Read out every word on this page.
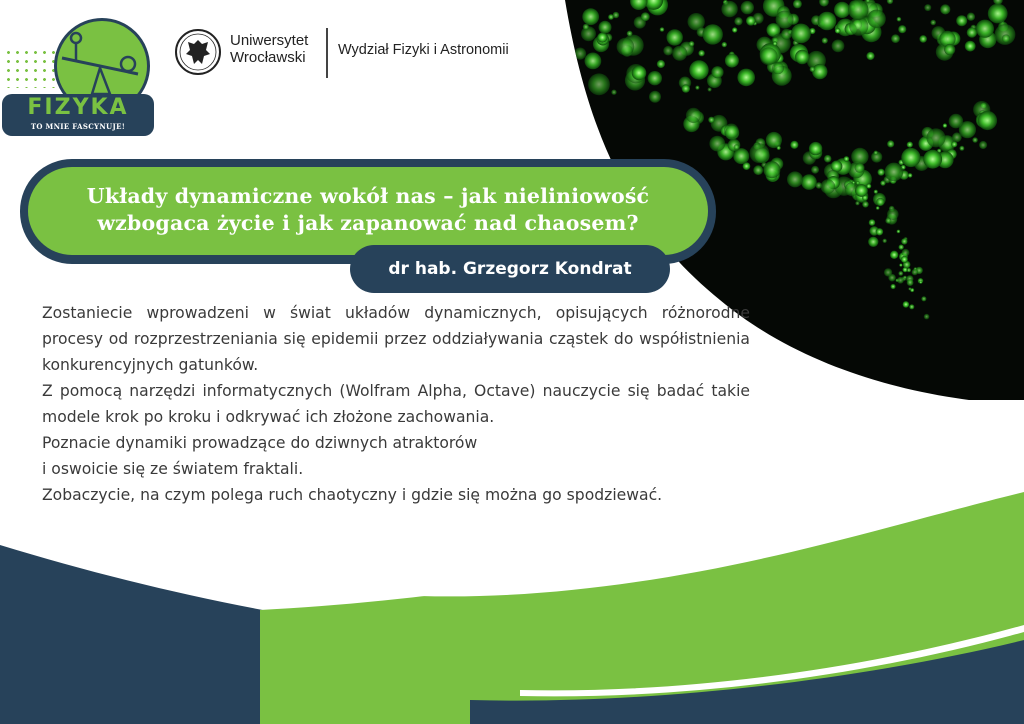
FIZYKA
TO MNIE FASCYNUJE!
Uniwersytet
Wrocławski	Wydział Fizyki i Astronomii
Układy dynamiczne wokół nas – jak nieliniowość
wzbogaca życie i jak zapanować nad chaosem?
dr hab. Grzegorz Kondrat

Zostaniecie wprowadzeni w świat układów dynamicznych, opisujących różnorodne procesy od rozprzestrzeniania się epidemii przez oddziaływania cząstek do współistnienia konkurencyjnych gatunków.

Z pomocą narzędzi informatycznych (Wolfram Alpha, Octave) nauczycie się badać takie modele krok po kroku i odkrywać ich złożone zachowania.

Poznacie dynamiki prowadzące do dziwnych atraktorów

i oswoicie się ze światem fraktali.

Zobaczycie, na czym polega ruch chaotyczny i gdzie się można go spodziewać.
